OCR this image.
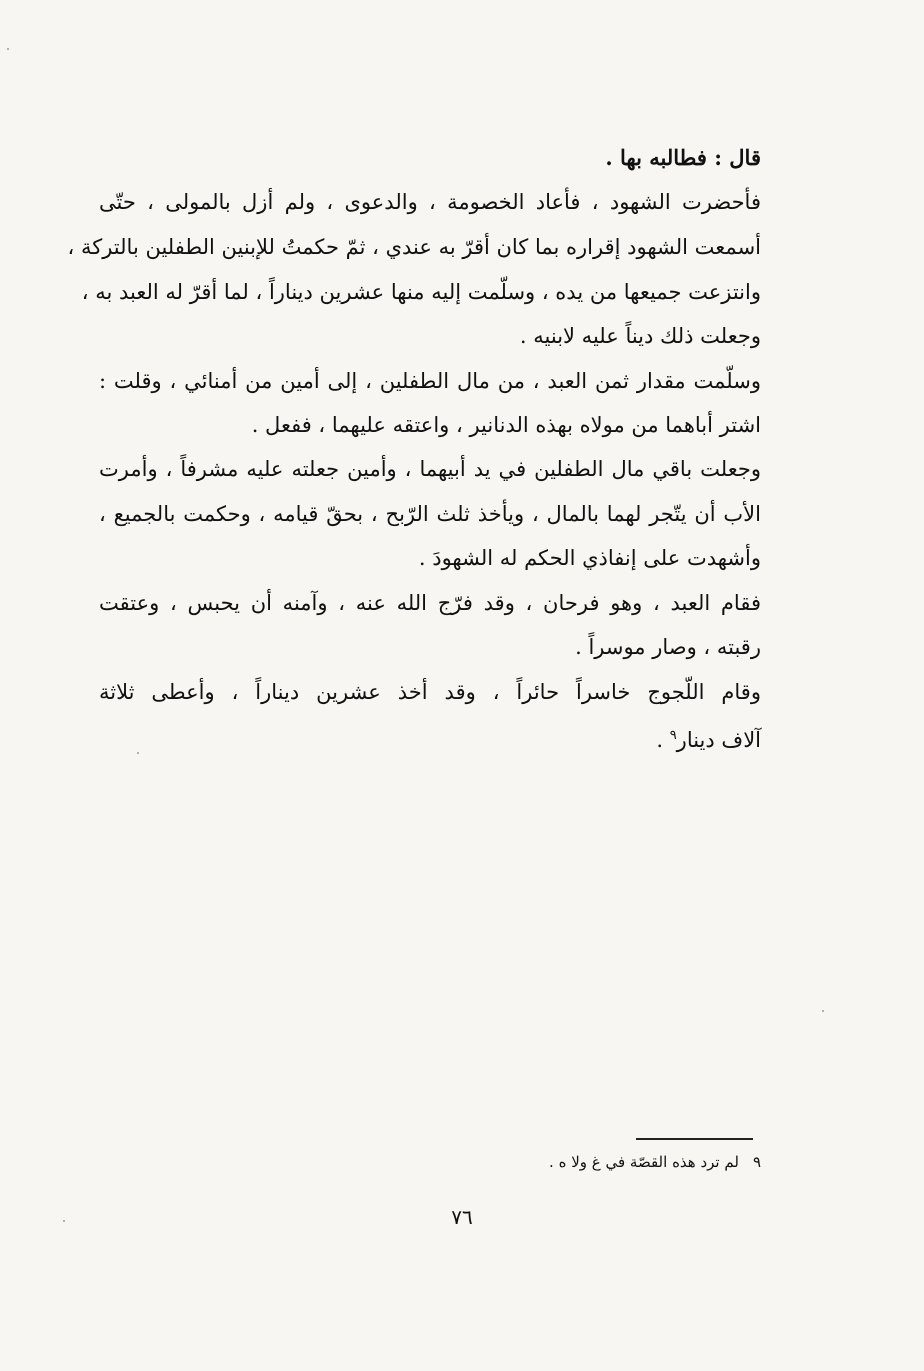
قال : فطالبه بها .

فأحضرت الشهود ، فأعاد الخصومة ، والدعوى ، ولم أزل بالمولى ، حتّى

أسمعت الشهود إقراره بما كان أقرّ به عندي ، ثمّ حكمتُ للإبنين الطفلين بالتركة ،

وانتزعت جميعها من يده ، وسلّمت إليه منها عشرين ديناراً ، لما أقرّ له العبد به ،

وجعلت ذلك ديناً عليه لابنيه .

وسلّمت مقدار ثمن العبد ، من مال الطفلين ، إلى أمين من أمنائي ، وقلت :

اشتر أباهما من مولاه بهذه الدنانير ، واعتقه عليهما ، ففعل .

وجعلت باقي مال الطفلين في يد أبيهما ، وأمين جعلته عليه مشرفاً ، وأمرت

الأب أن يتّجر لهما بالمال ، ويأخذ ثلث الرّبح ، بحقّ قيامه ، وحكمت بالجميع ،

وأشهدت على إنفاذي الحكم له الشهودَ .

فقام العبد ، وهو فرحان ، وقد فرّج الله عنه ، وآمنه أن يحبس ، وعتقت

رقبته ، وصار موسراً .

وقام اللّجوج خاسراً حائراً ، وقد أخذ عشرين ديناراً ، وأعطى ثلاثة

آلاف دينار$^٩$ .

٩لم ترد هذه القصّة في غ ولا ه .
٧٦
